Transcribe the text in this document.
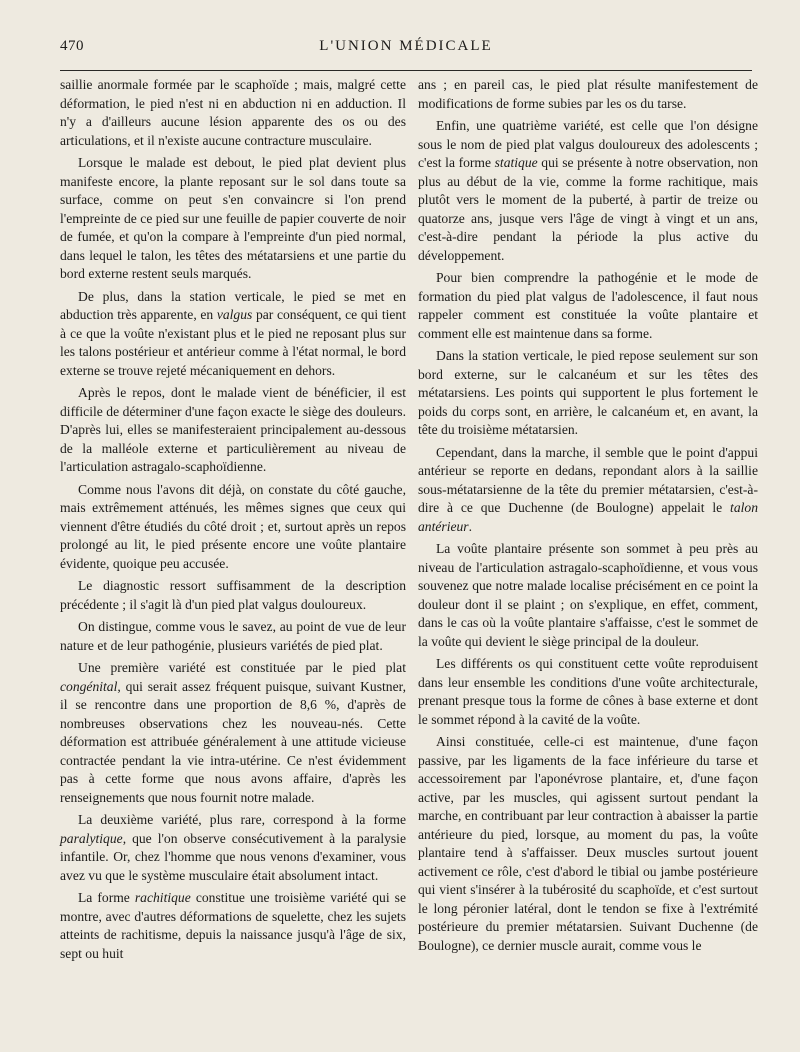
470	L'UNION MÉDICALE

saillie anormale formée par le scaphoïde ; mais, malgré cette déformation, le pied n'est ni en abduction ni en adduction. Il n'y a d'ailleurs aucune lésion apparente des os ou des articulations, et il n'existe aucune contracture musculaire.

Lorsque le malade est debout, le pied plat devient plus manifeste encore, la plante reposant sur le sol dans toute sa surface, comme on peut s'en convaincre si l'on prend l'empreinte de ce pied sur une feuille de papier couverte de noir de fumée, et qu'on la compare à l'empreinte d'un pied normal, dans lequel le talon, les têtes des métatarsiens et une partie du bord externe restent seuls marqués.

De plus, dans la station verticale, le pied se met en abduction très apparente, en valgus par conséquent, ce qui tient à ce que la voûte n'existant plus et le pied ne reposant plus sur les talons postérieur et antérieur comme à l'état normal, le bord externe se trouve rejeté mécaniquement en dehors.

Après le repos, dont le malade vient de bénéficier, il est difficile de déterminer d'une façon exacte le siège des douleurs. D'après lui, elles se manifesteraient principalement au-dessous de la malléole externe et particulièrement au niveau de l'articulation astragalo-scaphoïdienne.

Comme nous l'avons dit déjà, on constate du côté gauche, mais extrêmement atténués, les mêmes signes que ceux qui viennent d'être étudiés du côté droit ; et, surtout après un repos prolongé au lit, le pied présente encore une voûte plantaire évidente, quoique peu accusée.

Le diagnostic ressort suffisamment de la description précédente ; il s'agit là d'un pied plat valgus douloureux.

On distingue, comme vous le savez, au point de vue de leur nature et de leur pathogénie, plusieurs variétés de pied plat.

Une première variété est constituée par le pied plat congénital, qui serait assez fréquent puisque, suivant Kustner, il se rencontre dans une proportion de 8,6 %, d'après de nombreuses observations chez les nouveau-nés. Cette déformation est attribuée généralement à une attitude vicieuse contractée pendant la vie intra-utérine. Ce n'est évidemment pas à cette forme que nous avons affaire, d'après les renseignements que nous fournit notre malade.

La deuxième variété, plus rare, correspond à la forme paralytique, que l'on observe consécutivement à la paralysie infantile. Or, chez l'homme que nous venons d'examiner, vous avez vu que le système musculaire était absolument intact.

La forme rachitique constitue une troisième variété qui se montre, avec d'autres déformations de squelette, chez les sujets atteints de rachitisme, depuis la naissance jusqu'à l'âge de six, sept ou huit

ans ; en pareil cas, le pied plat résulte manifestement de modifications de forme subies par les os du tarse.

Enfin, une quatrième variété, est celle que l'on désigne sous le nom de pied plat valgus douloureux des adolescents ; c'est la forme statique qui se présente à notre observation, non plus au début de la vie, comme la forme rachitique, mais plutôt vers le moment de la puberté, à partir de treize ou quatorze ans, jusque vers l'âge de vingt à vingt et un ans, c'est-à-dire pendant la période la plus active du développement.

Pour bien comprendre la pathogénie et le mode de formation du pied plat valgus de l'adolescence, il faut nous rappeler comment est constituée la voûte plantaire et comment elle est maintenue dans sa forme.

Dans la station verticale, le pied repose seulement sur son bord externe, sur le calcanéum et sur les têtes des métatarsiens. Les points qui supportent le plus fortement le poids du corps sont, en arrière, le calcanéum et, en avant, la tête du troisième métatarsien.

Cependant, dans la marche, il semble que le point d'appui antérieur se reporte en dedans, repondant alors à la saillie sous-métatarsienne de la tête du premier métatarsien, c'est-à-dire à ce que Duchenne (de Boulogne) appelait le talon antérieur.

La voûte plantaire présente son sommet à peu près au niveau de l'articulation astragalo-scaphoïdienne, et vous vous souvenez que notre malade localise précisément en ce point la douleur dont il se plaint ; on s'explique, en effet, comment, dans le cas où la voûte plantaire s'affaisse, c'est le sommet de la voûte qui devient le siège principal de la douleur.

Les différents os qui constituent cette voûte reproduisent dans leur ensemble les conditions d'une voûte architecturale, prenant presque tous la forme de cônes à base externe et dont le sommet répond à la cavité de la voûte.

Ainsi constituée, celle-ci est maintenue, d'une façon passive, par les ligaments de la face inférieure du tarse et accessoirement par l'aponévrose plantaire, et, d'une façon active, par les muscles, qui agissent surtout pendant la marche, en contribuant par leur contraction à abaisser la partie antérieure du pied, lorsque, au moment du pas, la voûte plantaire tend à s'affaisser. Deux muscles surtout jouent activement ce rôle, c'est d'abord le tibial ou jambe postérieure qui vient s'insérer à la tubérosité du scaphoïde, et c'est surtout le long péronier latéral, dont le tendon se fixe à l'extrémité postérieure du premier métatarsien. Suivant Duchenne (de Boulogne), ce dernier muscle aurait, comme vous le
